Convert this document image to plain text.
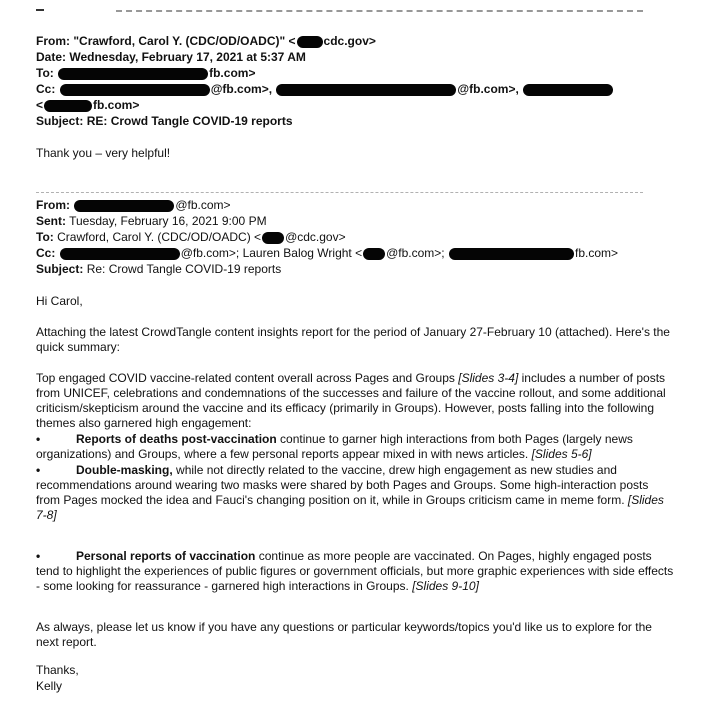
From: "Crawford, Carol Y. (CDC/OD/OADC)" < cdc.gov>
Date: Wednesday, February 17, 2021 at 5:37 AM
To:	fb.com>
Cc:	@fb.com>,	@fb.com>,
<	fb.com>
Subject: RE: Crowd Tangle COVID-19 reports
Thank you – very helpful!
From:	@fb.com>
Sent: Tuesday, February 16, 2021 9:00 PM
To: Crawford, Carol Y. (CDC/OD/OADC) < @cdc.gov>
Cc:	@fb.com>; Lauren Balog Wright < @fb.com>;	fb.com>
Subject: Re: Crowd Tangle COVID-19 reports
Hi Carol,
Attaching the latest CrowdTangle content insights report for the period of January 27-February 10 (attached). Here's the quick summary:
Top engaged COVID vaccine-related content overall across Pages and Groups [Slides 3-4] includes a number of posts from UNICEF, celebrations and condemnations of the successes and failure of the vaccine rollout, and some additional criticism/skepticism around the vaccine and its efficacy (primarily in Groups). However, posts falling into the following themes also garnered high engagement:
•	Reports of deaths post-vaccination continue to garner high interactions from both Pages (largely news organizations) and Groups, where a few personal reports appear mixed in with news articles. [Slides 5-6]
•	Double-masking, while not directly related to the vaccine, drew high engagement as new studies and recommendations around wearing two masks were shared by both Pages and Groups. Some high-interaction posts from Pages mocked the idea and Fauci's changing position on it, while in Groups criticism came in meme form. [Slides 7-8]
•	Personal reports of vaccination continue as more people are vaccinated. On Pages, highly engaged posts tend to highlight the experiences of public figures or government officials, but more graphic experiences with side effects - some looking for reassurance - garnered high interactions in Groups. [Slides 9-10]
As always, please let us know if you have any questions or particular keywords/topics you'd like us to explore for the next report.
Thanks,
Kelly
